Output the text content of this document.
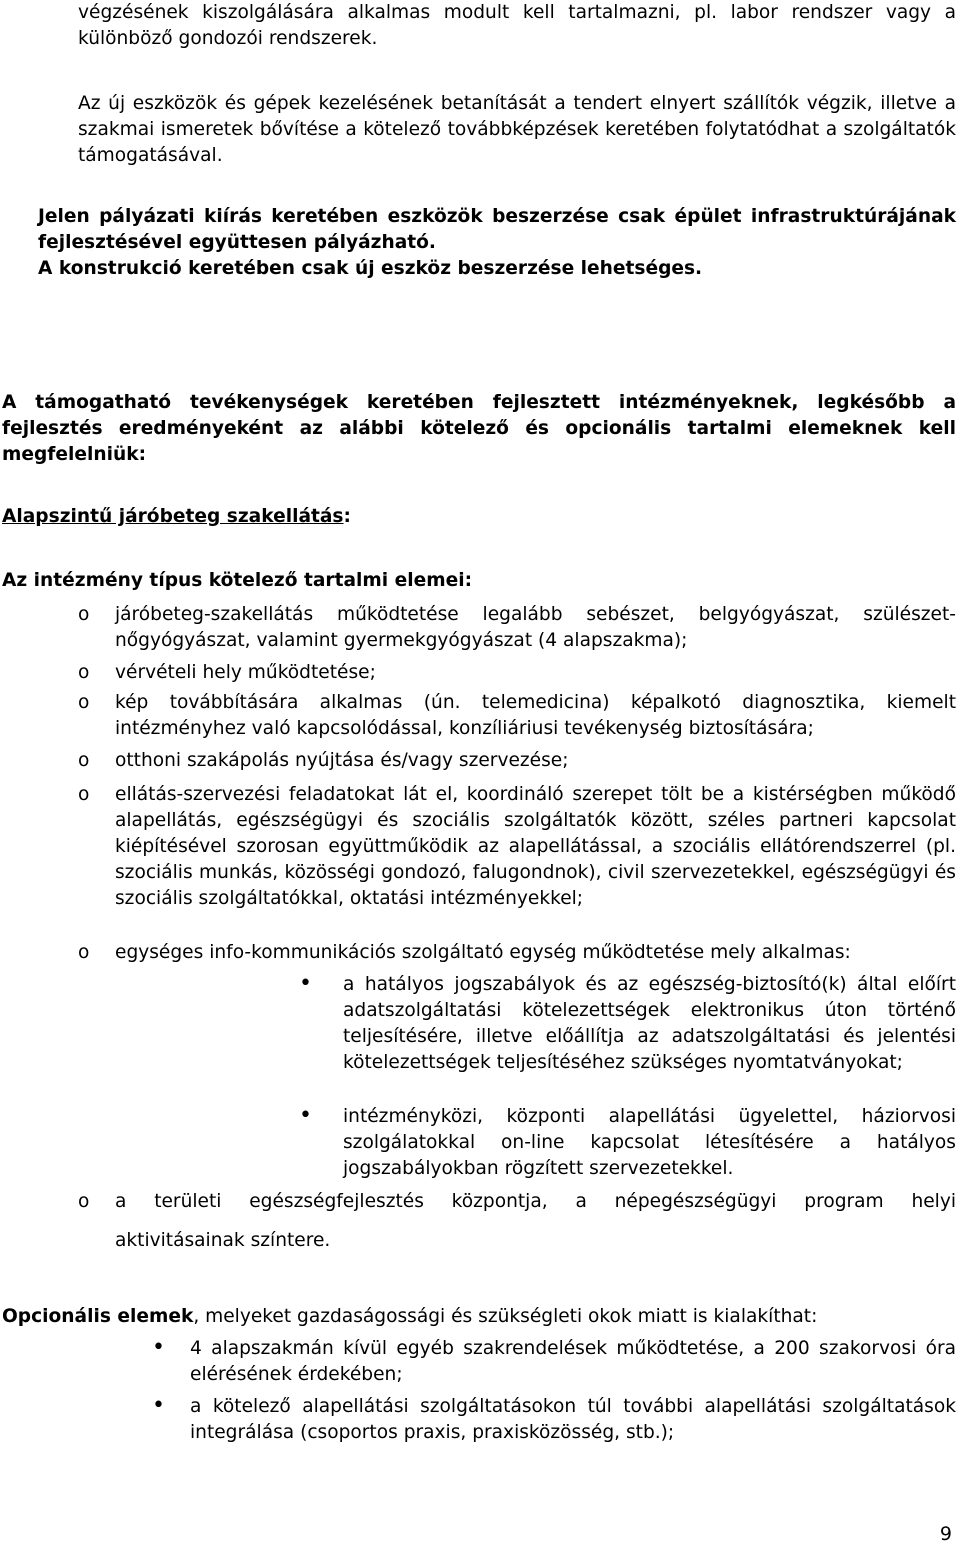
végzésének kiszolgálására alkalmas modult kell tartalmazni, pl. labor rendszer vagy a különböző gondozói rendszerek.

Az új eszközök és gépek kezelésének betanítását a tendert elnyert szállítók végzik, illetve a szakmai ismeretek bővítése a kötelező továbbképzések keretében folytatódhat a szolgáltatók támogatásával.

Jelen pályázati kiírás keretében eszközök beszerzése csak épület infrastruktúrájának fejlesztésével együttesen pályázható.

A konstrukció keretében csak új eszköz beszerzése lehetséges.

A támogatható tevékenységek keretében fejlesztett intézményeknek, legkésőbb a fejlesztés eredményeként az alábbi kötelező és opcionális tartalmi elemeknek kell megfelelniük:

Alapszintű járóbeteg szakellátás:

Az intézmény típus kötelező tartalmi elemei:

o járóbeteg-szakellátás működtetése legalább sebészet, belgyógyászat, szülészet- nőgyógyászat, valamint gyermekgyógyászat (4 alapszakma);

o vérvételi hely működtetése;

o kép továbbítására alkalmas (ún. telemedicina) képalkotó diagnosztika, kiemelt intézményhez való kapcsolódással, konzíliáriusi tevékenység biztosítására;

o otthoni szakápolás nyújtása és/vagy szervezése;

o ellátás-szervezési feladatokat lát el, koordináló szerepet tölt be a kistérségben működő alapellátás, egészségügyi és szociális szolgáltatók között, széles partneri kapcsolat kiépítésével szorosan együttműködik az alapellátással, a szociális ellátórendszerrel (pl. szociális munkás, közösségi gondozó, falugondnok), civil szervezetekkel, egészségügyi és szociális szolgáltatókkal, oktatási intézményekkel;

o egységes info-kommunikációs szolgáltató egység működtetése mely alkalmas:

• a hatályos jogszabályok és az egészség-biztosító(k) által előírt adatszolgáltatási kötelezettségek elektronikus úton történő teljesítésére, illetve előállítja az adatszolgáltatási és jelentési kötelezettségek teljesítéséhez szükséges nyomtatványokat;

• intézményközi, központi alapellátási ügyelettel, háziorvosi szolgálatokkal on-line kapcsolat létesítésére a hatályos jogszabályokban rögzített szervezetekkel.

o a területi egészségfejlesztés központja, a népegészségügyi program helyi

aktivitásainak színtere.

Opcionális elemek, melyeket gazdaságossági és szükségleti okok miatt is kialakíthat:

• 4 alapszakmán kívül egyéb szakrendelések működtetése, a 200 szakorvosi óra elérésének érdekében;

• a kötelező alapellátási szolgáltatásokon túl további alapellátási szolgáltatások integrálása (csoportos praxis, praxisközösség, stb.);

9
